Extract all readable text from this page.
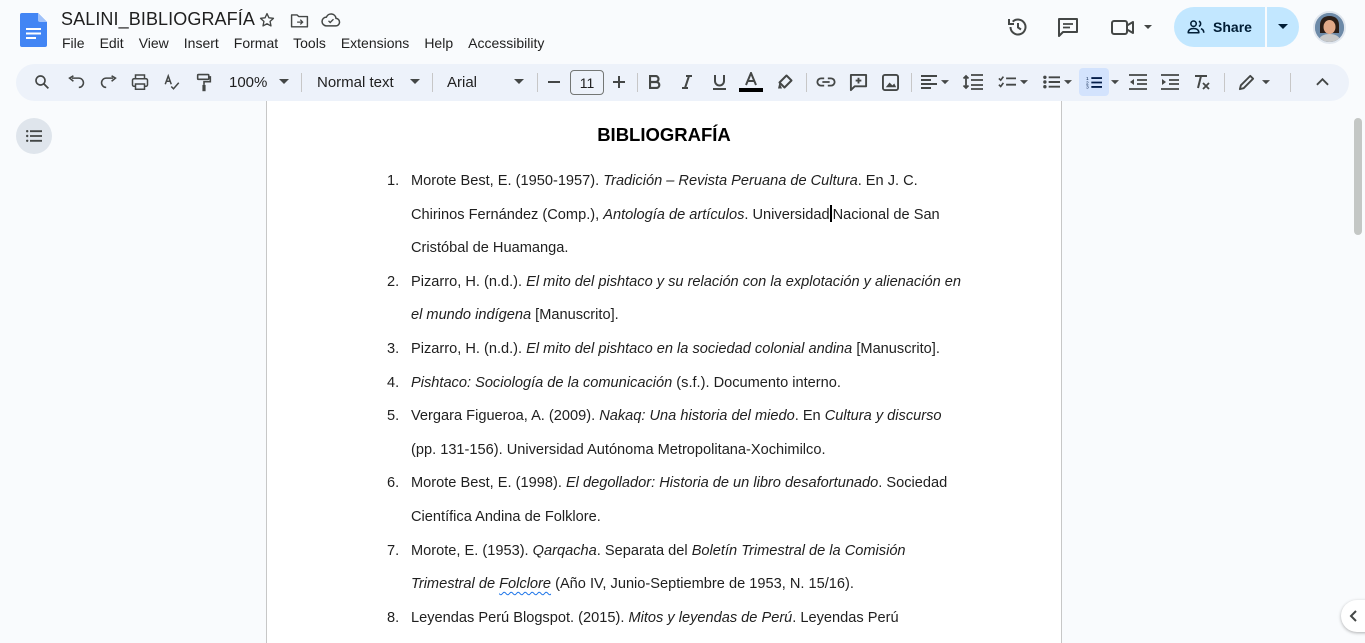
SALINI_BIBLIOGRAFÍA
File	Edit	View	Insert	Format	Tools	Extensions	Help	Accessibility
Share
100%	Normal text	Arial	11	1
2
3
BIBLIOGRAFÍA
1. Morote Best, E. (1950-1957). Tradición – Revista Peruana de Cultura. En J. C. Chirinos Fernández (Comp.), Antología de artículos. Universidad Nacional de San Cristóbal de Huamanga.
2. Pizarro, H. (n.d.). El mito del pishtaco y su relación con la explotación y alienación en el mundo indígena [Manuscrito].
3. Pizarro, H. (n.d.). El mito del pishtaco en la sociedad colonial andina [Manuscrito].
4. Pishtaco: Sociología de la comunicación (s.f.). Documento interno.
5. Vergara Figueroa, A. (2009). Nakaq: Una historia del miedo. En Cultura y discurso (pp. 131-156). Universidad Autónoma Metropolitana-Xochimilco.
6. Morote Best, E. (1998). El degollador: Historia de un libro desafortunado. Sociedad Científica Andina de Folklore.
7. Morote, E. (1953). Qarqacha. Separata del Boletín Trimestral de la Comisión Trimestral de Folclore (Año IV, Junio-Septiembre de 1953, N. 15/16).
8. Leyendas Perú Blogspot. (2015). Mitos y leyendas de Perú. Leyendas Perú
